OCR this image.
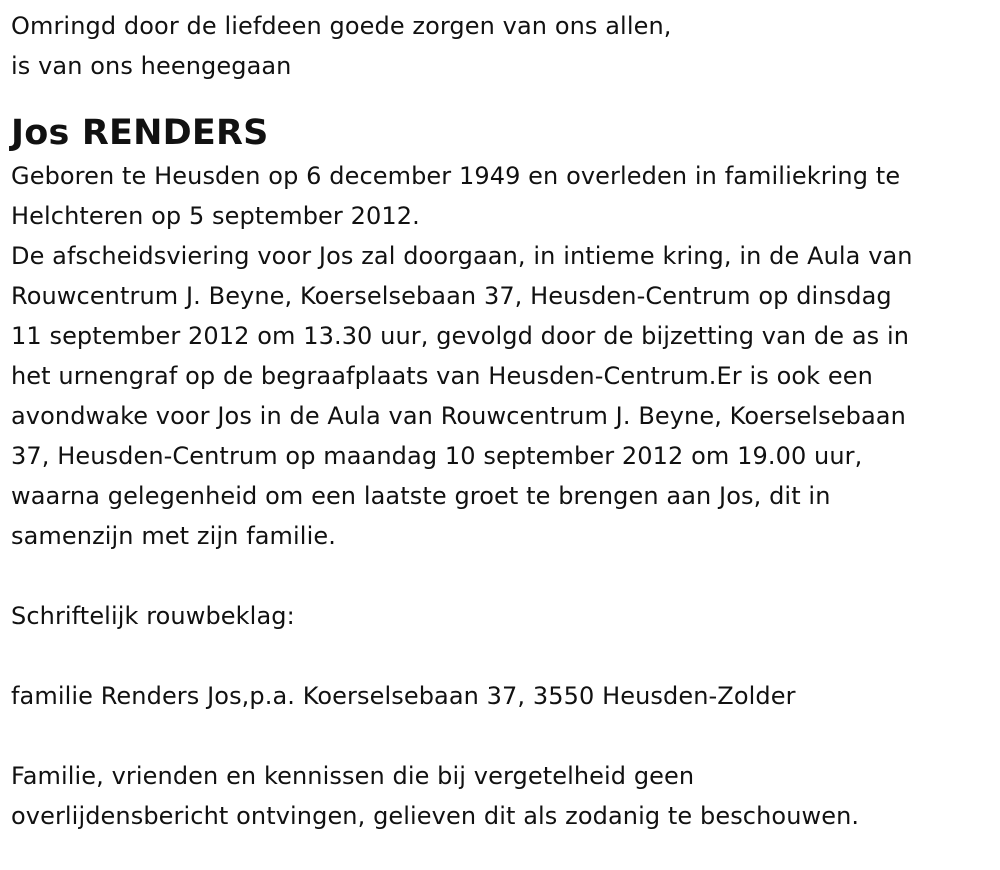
Omringd door de liefdeen goede zorgen van ons allen,
is van ons heengegaan
Jos RENDERS
Geboren te Heusden op 6 december 1949 en overleden in familiekring te
Helchteren op 5 september 2012.
De afscheidsviering voor Jos zal doorgaan, in intieme kring, in de Aula van
Rouwcentrum J. Beyne, Koerselsebaan 37, Heusden-Centrum op dinsdag
11 september 2012 om 13.30 uur, gevolgd door de bijzetting van de as in
het urnengraf op de begraafplaats van Heusden-Centrum.Er is ook een
avondwake voor Jos in de Aula van Rouwcentrum J. Beyne, Koerselsebaan
37, Heusden-Centrum op maandag 10 september 2012 om 19.00 uur,
waarna gelegenheid om een laatste groet te brengen aan Jos, dit in
samenzijn met zijn familie.
Schriftelijk rouwbeklag:
familie Renders Jos,p.a. Koerselsebaan 37, 3550 Heusden-Zolder
Familie, vrienden en kennissen die bij vergetelheid geen
overlijdensbericht ontvingen, gelieven dit als zodanig te beschouwen.
